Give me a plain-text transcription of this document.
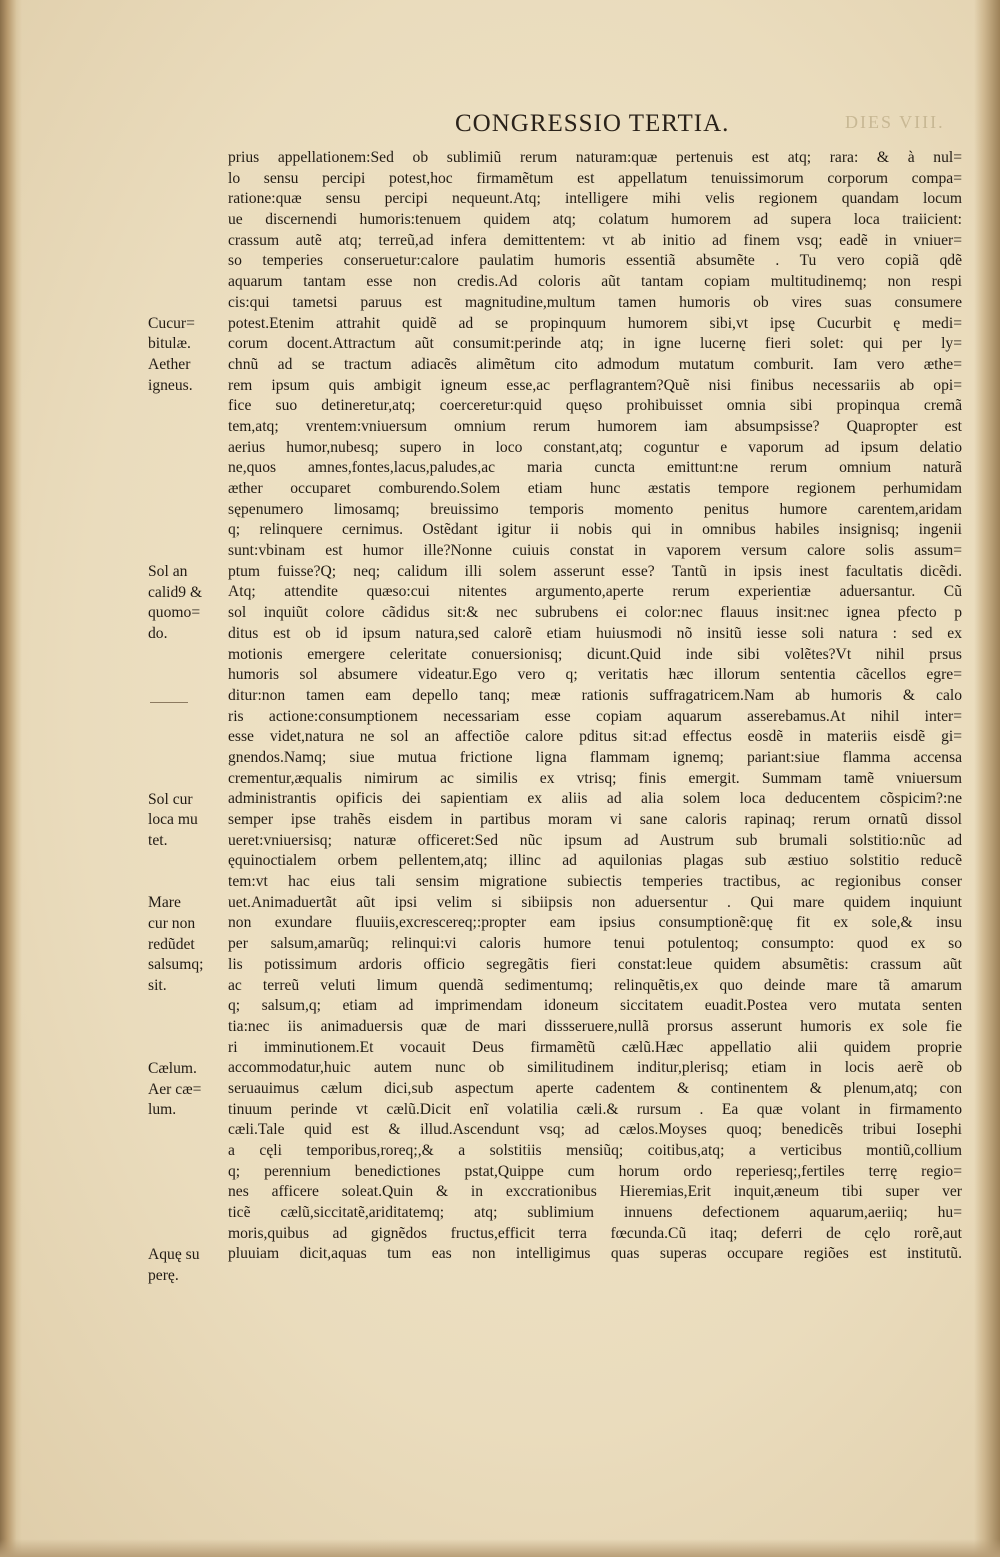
DIES VIII.
CONGRESSIO TERTIA.
prius appellationem:Sed ob sublimiũ rerum naturam:quæ pertenuis est atq; rara: & à nul=
lo sensu percipi potest,hoc firmamẽtum est appellatum tenuissimorum corporum compa=
ratione:quæ sensu percipi nequeunt.Atq; intelligere mihi velis regionem quandam locum
ue discernendi humoris:tenuem quidem atq; colatum humorem ad supera loca traiicient:
crassum autẽ atq; terreũ,ad infera demittentem: vt ab initio ad finem vsq; eadẽ in vniuer=
so temperies conseruetur:calore paulatim humoris essentiã absumẽte . Tu vero copiã qdẽ
aquarum tantam esse non credis.Ad coloris aũt tantam copiam multitudinemq; non respi
cis:qui tametsi paruus est magnitudine,multum tamen humoris ob vires suas consumere
potest.Etenim attrahit quidẽ ad se propinquum humorem sibi,vt ipsę Cucurbit ę medi=
corum docent.Attractum aũt consumit:perinde atq; in igne lucernę fieri solet: qui per ly=
chnũ ad se tractum adiacẽs alimẽtum cito admodum mutatum comburit. Iam vero æthe=
rem ipsum quis ambigit igneum esse,ac perflagrantem?Quẽ nisi finibus necessariis ab opi=
fice suo detineretur,atq; coerceretur:quid quęso prohibuisset omnia sibi propinqua cremã
tem,atq; vrentem:vniuersum omnium rerum humorem iam absumpsisse? Quapropter est
aerius humor,nubesq; supero in loco constant,atq; coguntur e vaporum ad ipsum delatio
ne,quos amnes,fontes,lacus,paludes,ac maria cuncta emittunt:ne rerum omnium naturã
æther occuparet comburendo.Solem etiam hunc æstatis tempore regionem perhumidam
sępenumero limosamq; breuissimo temporis momento penitus humore carentem,aridam
q; relinquere cernimus. Ostẽdant igitur ii nobis qui in omnibus habiles insignisq; ingenii
sunt:vbinam est humor ille?Nonne cuiuis constat in vaporem versum calore solis assum=
ptum fuisse?Q; neq; calidum illi solem asserunt esse? Tantũ in ipsis inest facultatis dicẽdi.
Atq; attendite quæso:cui nitentes argumento,aperte rerum experientiæ aduersantur. Cũ
sol inquiũt colore cãdidus sit:& nec subrubens ei color:nec flauus insit:nec ignea pfecto p
ditus est ob id ipsum natura,sed calorẽ etiam huiusmodi nõ insitũ iesse soli natura : sed ex
motionis emergere celeritate conuersionisq; dicunt.Quid inde sibi volẽtes?Vt nihil prsus
humoris sol absumere videatur.Ego vero q; veritatis hæc illorum sententia cãcellos egre=
ditur:non tamen eam depello tanq; meæ rationis suffragatricem.Nam ab humoris & calo
ris actione:consumptionem necessariam esse copiam aquarum asserebamus.At nihil inter=
esse videt,natura ne sol an affectiõe calore pditus sit:ad effectus eosdẽ in materiis eisdẽ gi=
gnendos.Namq; siue mutua frictione ligna flammam ignemq; pariant:siue flamma accensa
crementur,æqualis nimirum ac similis ex vtrisq; finis emergit. Summam tamẽ vniuersum
administrantis opificis dei sapientiam ex aliis ad alia solem loca deducentem cõspicim?:ne
semper ipse trahẽs eisdem in partibus moram vi sane caloris rapinaq; rerum ornatũ dissol
ueret:vniuersisq; naturæ officeret:Sed nũc ipsum ad Austrum sub brumali solstitio:nũc ad
ęquinoctialem orbem pellentem,atq; illinc ad aquilonias plagas sub æstiuo solstitio reducẽ
tem:vt hac eius tali sensim migratione subiectis temperies tractibus, ac regionibus conser
uet.Animaduertãt aũt ipsi velim si sibiipsis non aduersentur . Qui mare quidem inquiunt
non exundare fluuiis,excrescereq;:propter eam ipsius consumptionẽ:quę fit ex sole,& insu
per salsum,amarũq; relinqui:vi caloris humore tenui potulentoq; consumpto: quod ex so
lis potissimum ardoris officio segregãtis fieri constat:leue quidem absumẽtis: crassum aũt
ac terreũ veluti limum quendã sedimentumq; relinquẽtis,ex quo deinde mare tã amarum
q; salsum,q; etiam ad imprimendam idoneum siccitatem euadit.Postea vero mutata senten
tia:nec iis animaduersis quæ de mari dissseruere,nullã prorsus asserunt humoris ex sole fie
ri imminutionem.Et vocauit Deus firmamẽtũ cælũ.Hæc appellatio alii quidem proprie
accommodatur,huic autem nunc ob similitudinem inditur,plerisq; etiam in locis aerẽ ob
seruauimus cælum dici,sub aspectum aperte cadentem & continentem & plenum,atq; con
tinuum perinde vt cælũ.Dicit enĩ volatilia cæli.& rursum . Ea quæ volant in firmamento
cæli.Tale quid est & illud.Ascendunt vsq; ad cælos.Moyses quoq; benedicẽs tribui Iosephi
a cęli temporibus,roreq;,& a solstitiis mensiũq; coitibus,atq; a verticibus montiũ,collium
q; perennium benedictiones pstat,Quippe cum horum ordo reperiesq;,fertiles terrę regio=
nes afficere soleat.Quin & in exccrationibus Hieremias,Erit inquit,æneum tibi super ver
ticẽ cælũ,siccitatẽ,ariditatemq; atq; sublimium innuens defectionem aquarum,aeriiq; hu=
moris,quibus ad gignẽdos fructus,efficit terra fœcunda.Cũ itaq; deferri de cęlo rorẽ,aut
pluuiam dicit,aquas tum eas non intelligimus quas superas occupare regiões est institutũ.
Cucur=
bitulæ.
Aether
igneus.
Sol an
calid9 &
quomo=
do.
Sol cur
loca mu
tet.
Mare
cur non
redũdet
salsumq;
sit.
Cælum.
Aer cæ=
lum.
Aquę su
perę.
